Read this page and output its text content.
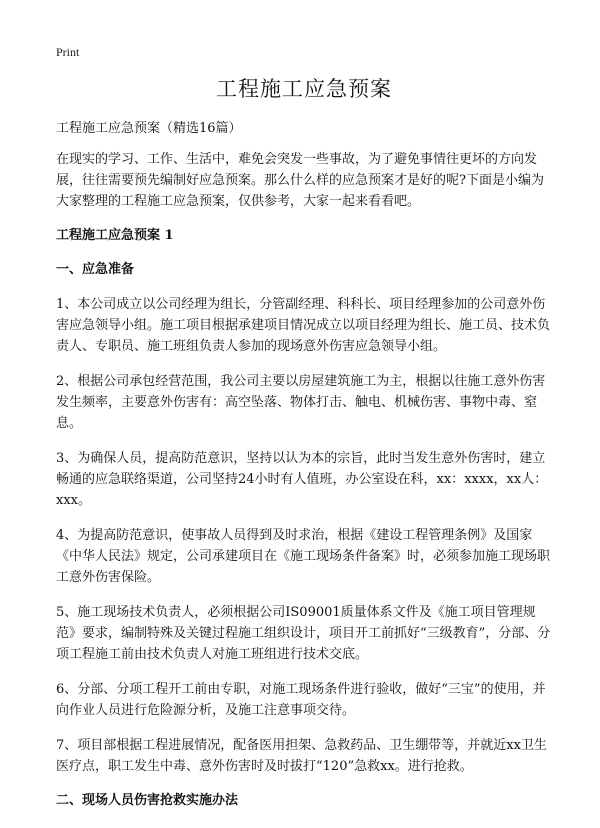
Print
工程施工应急预案
工程施工应急预案（精选16篇）

在现实的学习、工作、生活中，难免会突发一些事故，为了避免事情往更坏的方向发展，往往需要预先编制好应急预案。那么什么样的应急预案才是好的呢?下面是小编为大家整理的工程施工应急预案，仅供参考，大家一起来看看吧。

工程施工应急预案 1
一、应急准备

1、本公司成立以公司经理为组长，分管副经理、科科长、项目经理参加的公司意外伤害应急领导小组。施工项目根据承建项目情况成立以项目经理为组长、施工员、技术负责人、专职员、施工班组负责人参加的现场意外伤害应急领导小组。

2、根据公司承包经营范围，我公司主要以房屋建筑施工为主，根据以往施工意外伤害发生频率，主要意外伤害有：高空坠落、物体打击、触电、机械伤害、事物中毒、窒息。

3、为确保人员，提高防范意识，坚持以认为本的宗旨，此时当发生意外伤害时，建立畅通的应急联络渠道，公司坚持24小时有人值班，办公室设在科，xx：xxxx，xx人：xxx。

4、为提高防范意识，使事故人员得到及时求治，根据《建设工程管理条例》及国家《中华人民法》规定，公司承建项目在《施工现场条件备案》时，必须参加施工现场职工意外伤害保险。

5、施工现场技术负责人，必须根据公司IS09001质量体系文件及《施工项目管理规范》要求，编制特殊及关键过程施工组织设计，项目开工前抓好“三级教育”，分部、分项工程施工前由技术负责人对施工班组进行技术交底。

6、分部、分项工程开工前由专职，对施工现场条件进行验收，做好“三宝”的使用，并向作业人员进行危险源分析，及施工注意事项交待。

7、项目部根据工程进展情况，配备医用担架、急救药品、卫生绷带等，并就近xx卫生医疗点，职工发生中毒、意外伤害时及时拔打“120”急救xx。进行抢救。

二、现场人员伤害抢救实施办法
